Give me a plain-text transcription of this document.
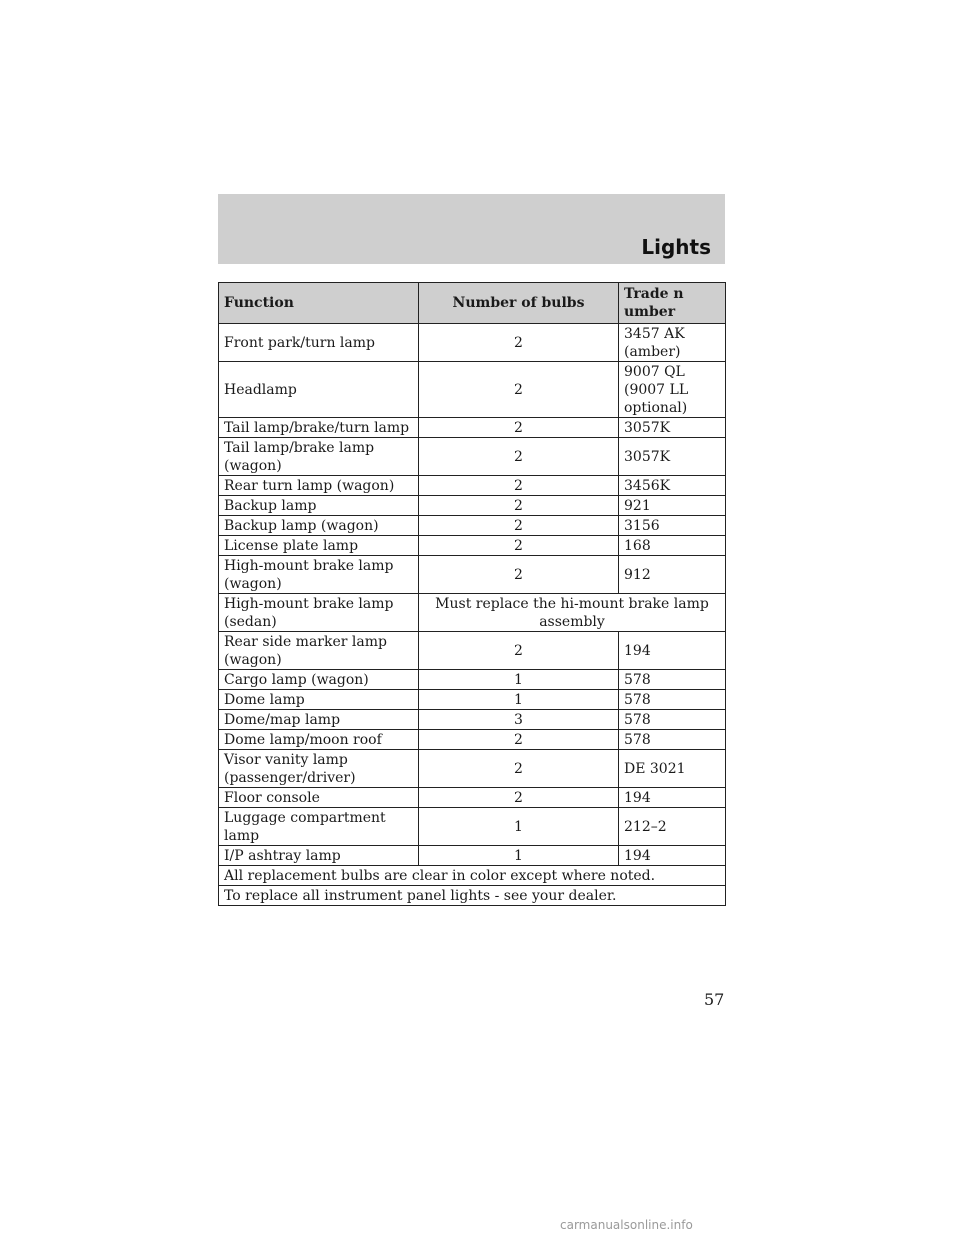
Lights
Function	Number of bulbs	Trade n umber
Front park/turn lamp	2	3457 AK (amber)
Headlamp	2	9007 QL (9007 LL optional)
Tail lamp/brake/turn lamp	2	3057K
Tail lamp/brake lamp (wagon)	2	3057K
Rear turn lamp (wagon)	2	3456K
Backup lamp	2	921
Backup lamp (wagon)	2	3156
License plate lamp	2	168
High-mount brake lamp (wagon)	2	912
High-mount brake lamp (sedan)	Must replace the hi-mount brake lamp assembly	
Rear side marker lamp (wagon)	2	194
Cargo lamp (wagon)	1	578
Dome lamp	1	578
Dome/map lamp	3	578
Dome lamp/moon roof	2	578
Visor vanity lamp (passenger/driver)	2	DE 3021
Floor console	2	194
Luggage compartment lamp	1	212–2
I/P ashtray lamp	1	194
All replacement bulbs are clear in color except where noted.		
To replace all instrument panel lights - see your dealer.		
57
carmanualsonline.info
